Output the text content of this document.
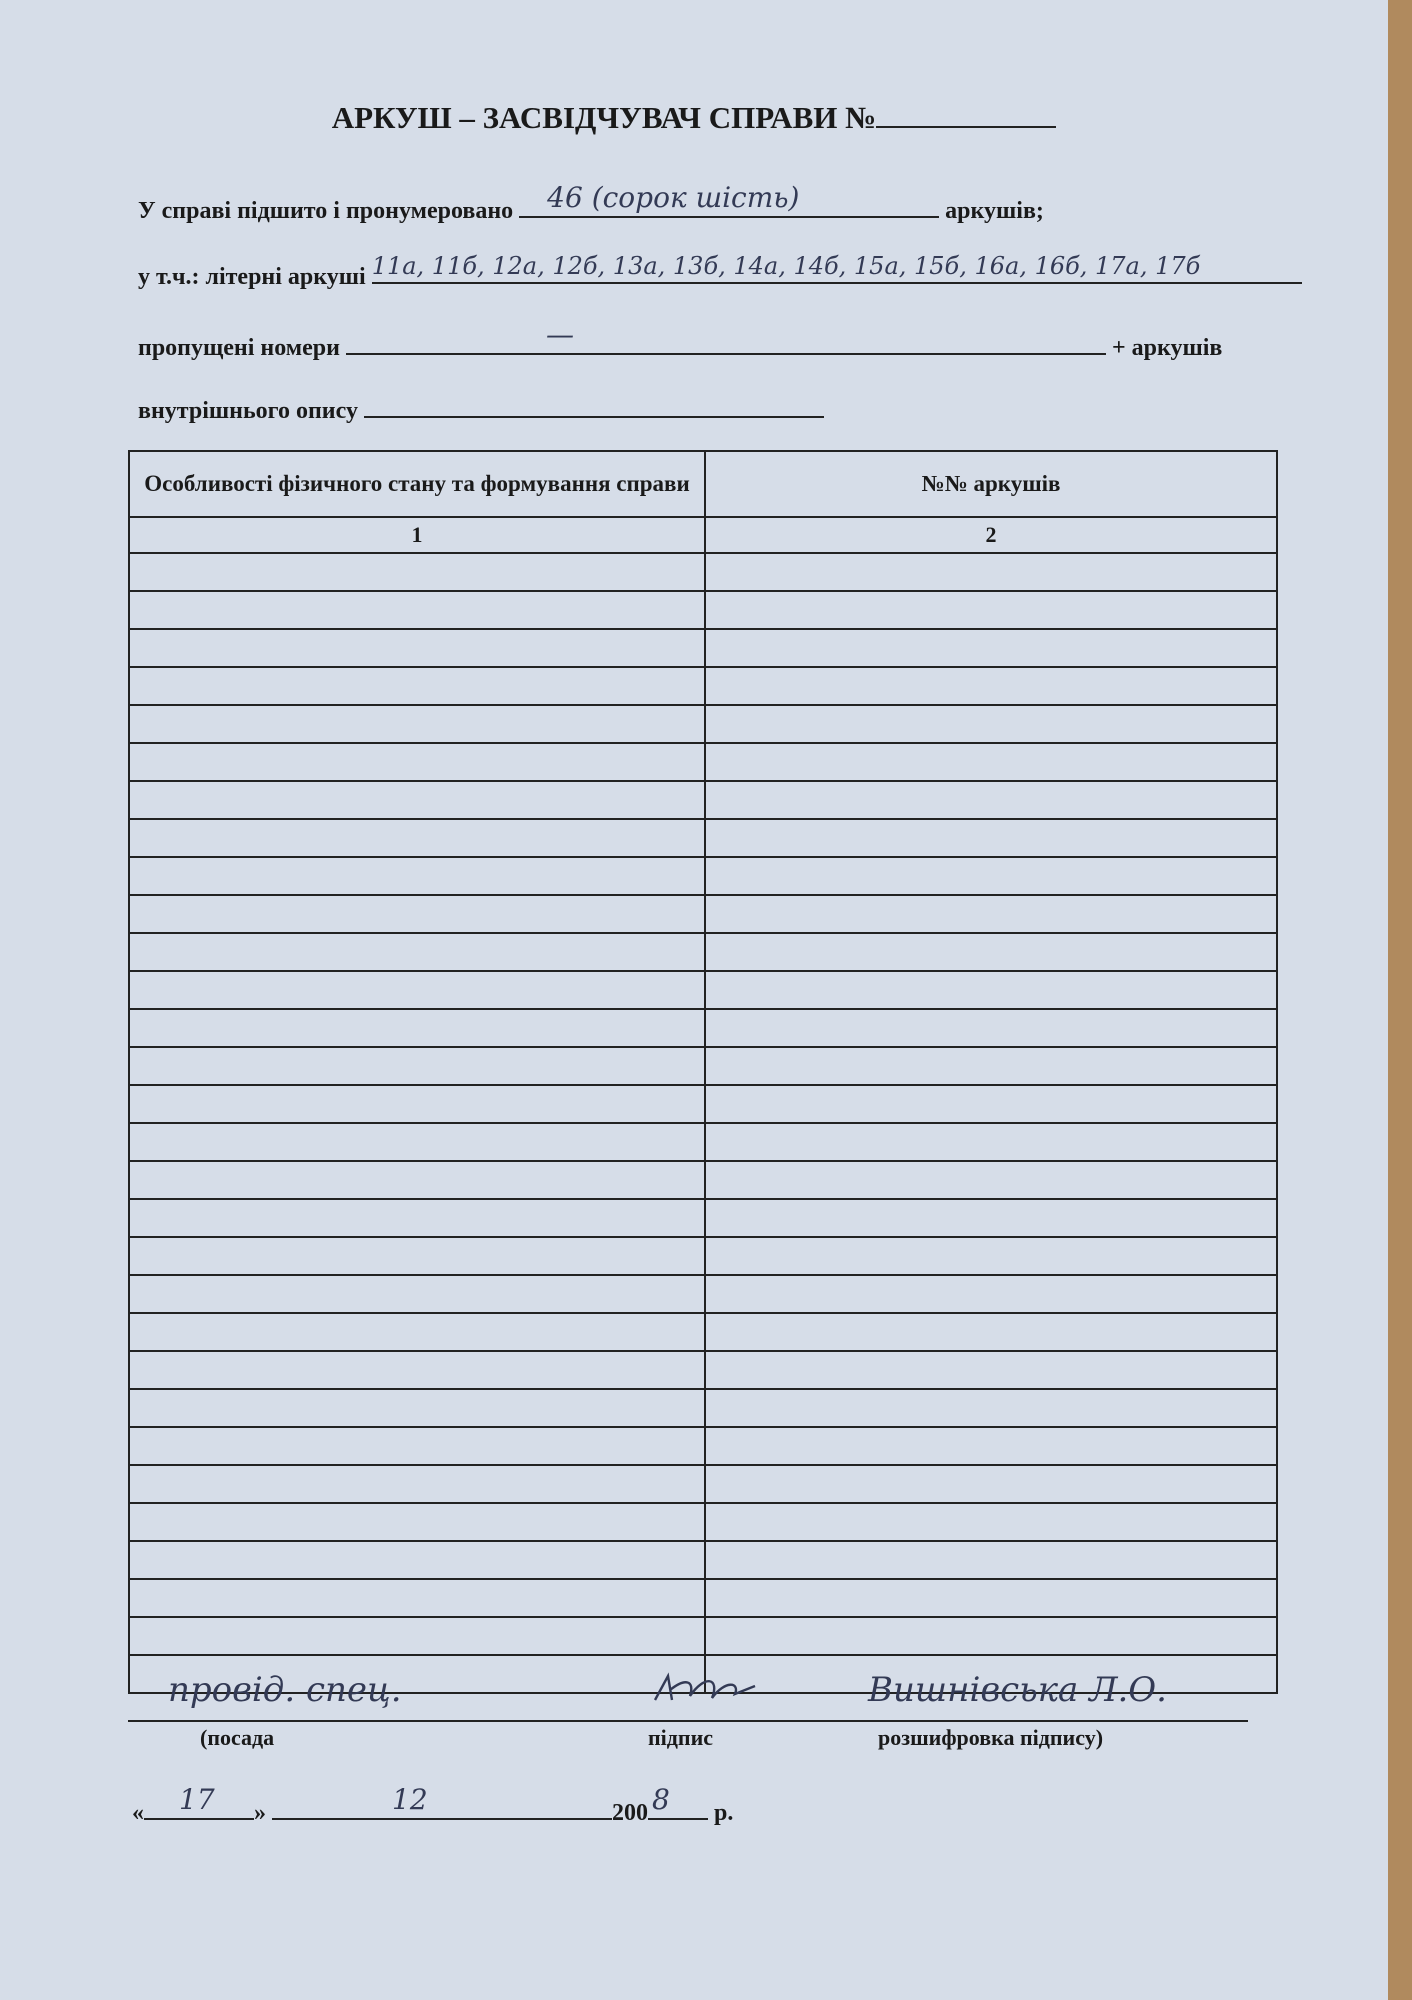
АРКУШ – ЗАСВІДЧУВАЧ СПРАВИ №
У справі підшито і пронумеровано 46 (сорок шість)	аркушів;
у т.ч.: літерні аркуші 11а, 11б, 12а, 12б, 13а, 13б, 14а, 14б, 15а, 15б, 16а, 16б, 17а, 17б
пропущені номери	—	+ аркушів
внутрішнього опису
Особливості фізичного стану та формування справи	№№ аркушів
1	2

провід. спец.	Вишнівська Л.О.
(посада	підпис	розшифровка підпису)
« 17	»	12	200 8	р.
